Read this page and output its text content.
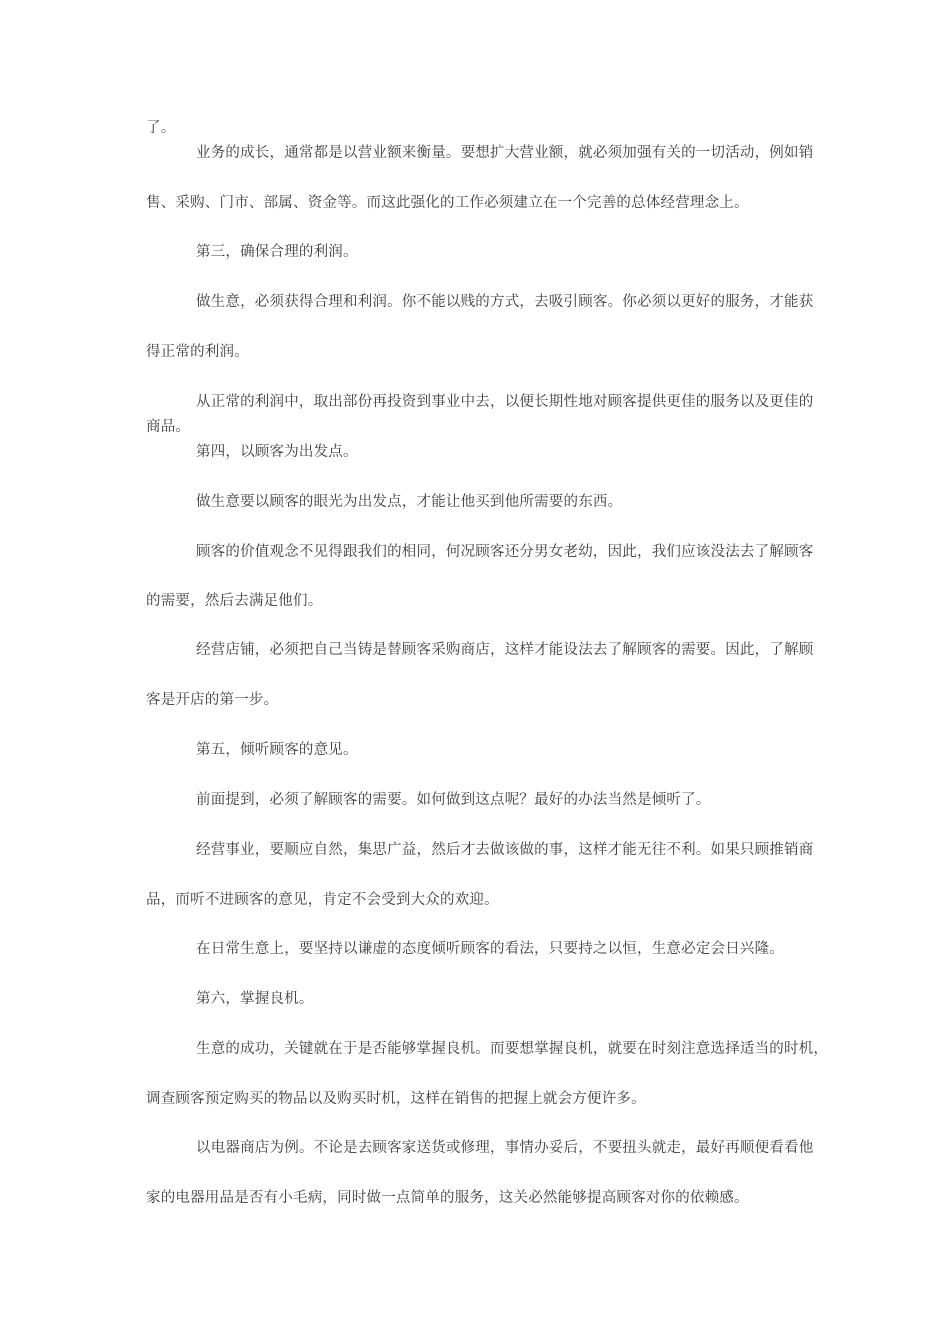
了。
业务的成长，通常都是以营业额来衡量。要想扩大营业额，就必须加强有关的一切活动，例如销
售、采购、门市、部属、资金等。而这此强化的工作必须建立在一个完善的总体经营理念上。
第三，确保合理的利润。
做生意，必须获得合理和利润。你不能以贱的方式，去吸引顾客。你必须以更好的服务，才能获
得正常的利润。
从正常的利润中，取出部份再投资到事业中去，以便长期性地对顾客提供更佳的服务以及更佳的
商品。
第四，以顾客为出发点。
做生意要以顾客的眼光为出发点，才能让他买到他所需要的东西。
顾客的价值观念不见得跟我们的相同，何况顾客还分男女老幼，因此，我们应该没法去了解顾客
的需要，然后去满足他们。
经营店铺，必须把自己当铸是替顾客采购商店，这样才能设法去了解顾客的需要。因此，了解顾
客是开店的第一步。
第五，倾听顾客的意见。
前面提到，必须了解顾客的需要。如何做到这点呢？最好的办法当然是倾听了。
经营事业，要顺应自然，集思广益，然后才去做该做的事，这样才能无往不利。如果只顾推销商
品，而听不进顾客的意见，肯定不会受到大众的欢迎。
在日常生意上，要坚持以谦虚的态度倾听顾客的看法，只要持之以恒，生意必定会日兴隆。
第六，掌握良机。
生意的成功，关键就在于是否能够掌握良机。而要想掌握良机，就要在时刻注意选择适当的时机，
调查顾客预定购买的物品以及购买时机，这样在销售的把握上就会方便许多。
以电器商店为例。不论是去顾客家送货或修理，事情办妥后，不要扭头就走，最好再顺便看看他
家的电器用品是否有小毛病，同时做一点简单的服务，这关必然能够提高顾客对你的依赖感。
